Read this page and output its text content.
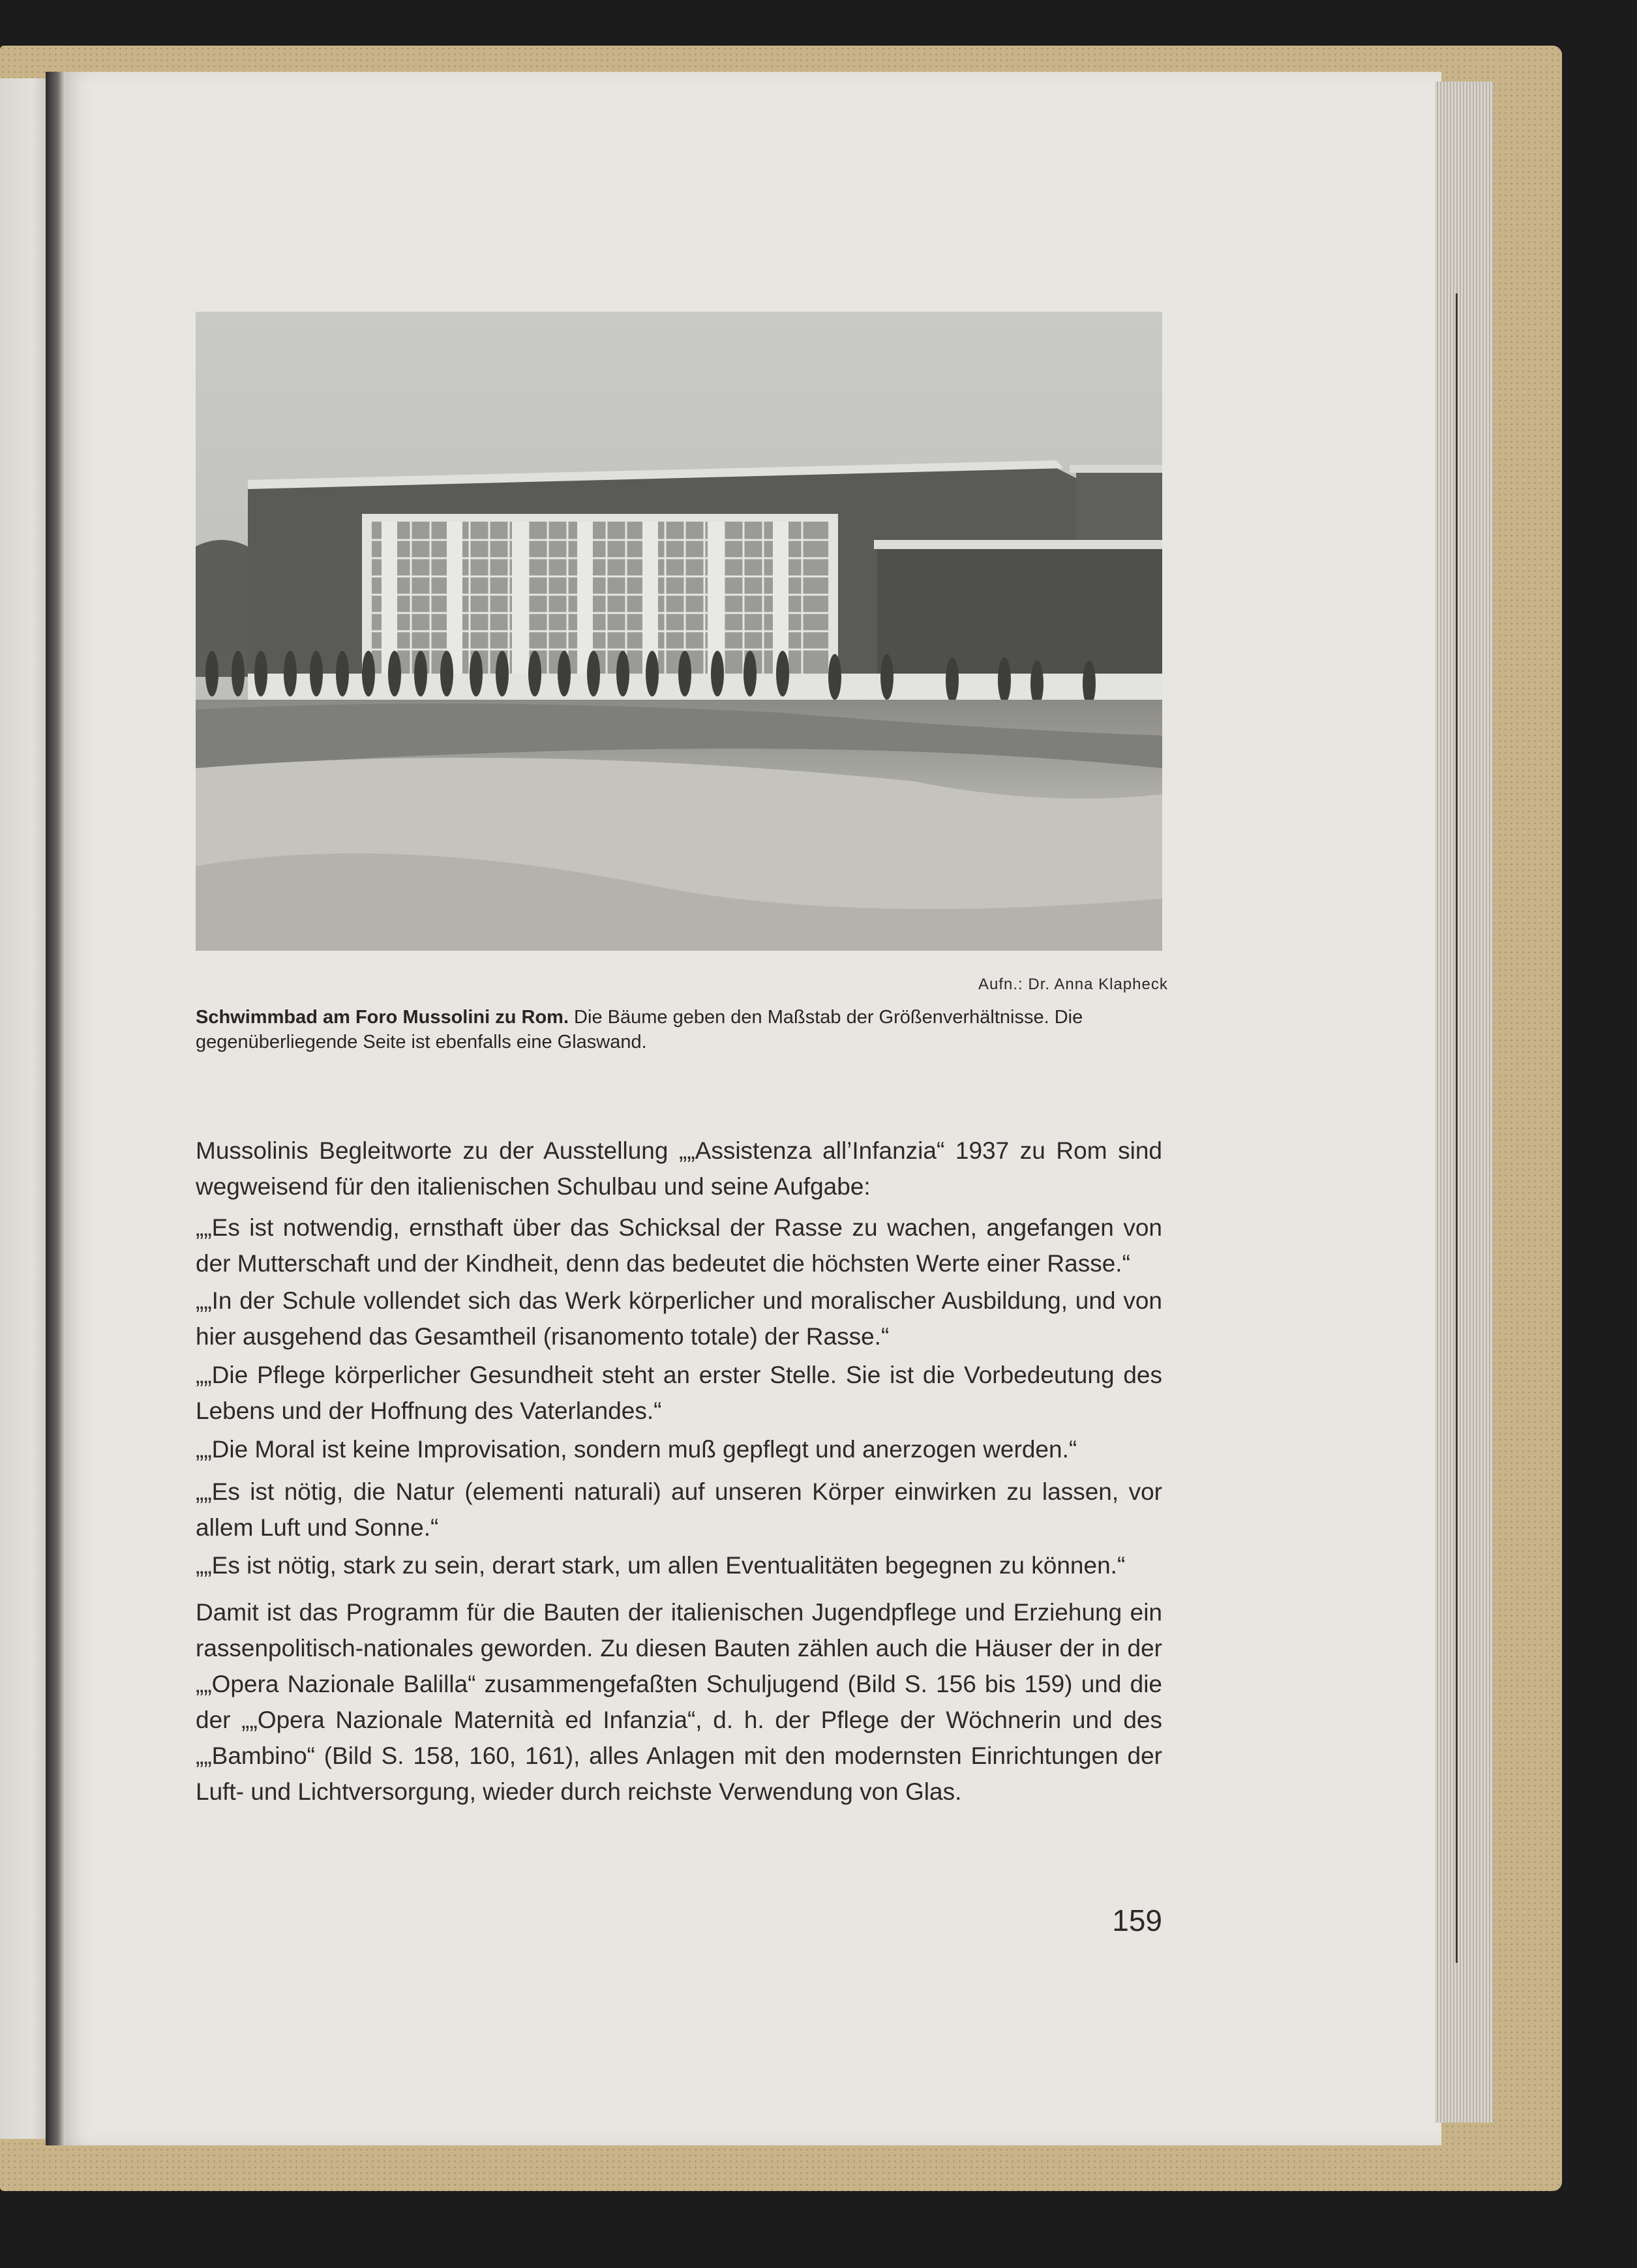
Aufn.: Dr. Anna Klapheck
Schwimmbad am Foro Mussolini zu Rom. Die Bäume geben den Maßstab der Größenverhältnisse. Die gegenüberliegende Seite ist ebenfalls eine Glaswand.

Mussolinis Begleitworte zu der Ausstellung „„Assistenza all’Infanzia“ 1937 zu Rom sind wegweisend für den italienischen Schulbau und seine Aufgabe:

„„Es ist notwendig, ernsthaft über das Schicksal der Rasse zu wachen, angefangen von der Mutterschaft und der Kindheit, denn das bedeutet die höchsten Werte einer Rasse.“

„„In der Schule vollendet sich das Werk körperlicher und moralischer Ausbildung, und von hier ausgehend das Gesamtheil (risanomento totale) der Rasse.“

„„Die Pflege körperlicher Gesundheit steht an erster Stelle. Sie ist die Vorbedeutung des Lebens und der Hoffnung des Vaterlandes.“

„„Die Moral ist keine Improvisation, sondern muß gepflegt und anerzogen werden.“

„„Es ist nötig, die Natur (elementi naturali) auf unseren Körper einwirken zu lassen, vor allem Luft und Sonne.“

„„Es ist nötig, stark zu sein, derart stark, um allen Eventualitäten begegnen zu können.“

Damit ist das Programm für die Bauten der italienischen Jugendpflege und Erziehung ein rassenpolitisch-nationales geworden. Zu diesen Bauten zählen auch die Häuser der in der „„Opera Nazionale Balilla“ zusammengefaßten Schuljugend (Bild S. 156 bis 159) und die der „„Opera Nazionale Maternità ed Infanzia“, d. h. der Pflege der Wöchnerin und des „„Bambino“ (Bild S. 158, 160, 161), alles Anlagen mit den modernsten Einrichtungen der Luft- und Lichtversorgung, wieder durch reichste Verwendung von Glas.

159
